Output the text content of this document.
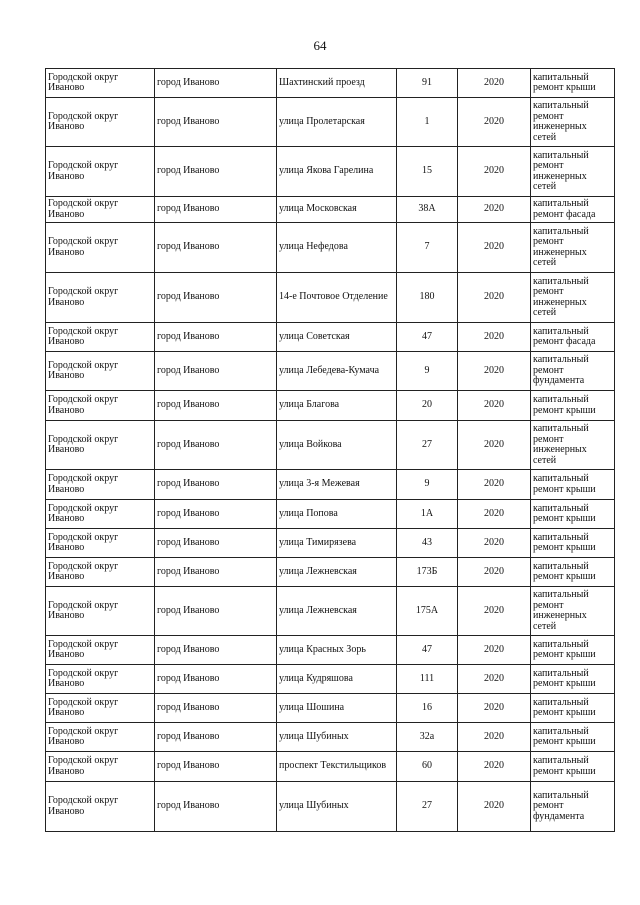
64
Городской округ Иваново	город Иваново	Шахтинский проезд	91	2020	капитальный ремонт крыши
Городской округ Иваново	город Иваново	улица Пролетарская	1	2020	капитальный ремонт инженерных сетей
Городской округ Иваново	город Иваново	улица Якова Гарелина	15	2020	капитальный ремонт инженерных сетей
Городской округ Иваново	город Иваново	улица Московская	38А	2020	капитальный ремонт фасада
Городской округ Иваново	город Иваново	улица Нефедова	7	2020	капитальный ремонт инженерных сетей
Городской округ Иваново	город Иваново	14-е Почтовое Отделение	180	2020	капитальный ремонт инженерных сетей
Городской округ Иваново	город Иваново	улица Советская	47	2020	капитальный ремонт фасада
Городской округ Иваново	город Иваново	улица Лебедева-Кумача	9	2020	капитальный ремонт фундамента
Городской округ Иваново	город Иваново	улица Благова	20	2020	капитальный ремонт крыши
Городской округ Иваново	город Иваново	улица Войкова	27	2020	капитальный ремонт инженерных сетей
Городской округ Иваново	город Иваново	улица 3-я Межевая	9	2020	капитальный ремонт крыши
Городской округ Иваново	город Иваново	улица Попова	1А	2020	капитальный ремонт крыши
Городской округ Иваново	город Иваново	улица Тимирязева	43	2020	капитальный ремонт крыши
Городской округ Иваново	город Иваново	улица Лежневская	173Б	2020	капитальный ремонт крыши
Городской округ Иваново	город Иваново	улица Лежневская	175А	2020	капитальный ремонт инженерных сетей
Городской округ Иваново	город Иваново	улица Красных Зорь	47	2020	капитальный ремонт крыши
Городской округ Иваново	город Иваново	улица Кудряшова	111	2020	капитальный ремонт крыши
Городской округ Иваново	город Иваново	улица Шошина	16	2020	капитальный ремонт крыши
Городской округ Иваново	город Иваново	улица Шубиных	32а	2020	капитальный ремонт крыши
Городской округ Иваново	город Иваново	проспект Текстильщиков	60	2020	капитальный ремонт крыши
Городской округ Иваново	город Иваново	улица Шубиных	27	2020	капитальный ремонт фундамента
